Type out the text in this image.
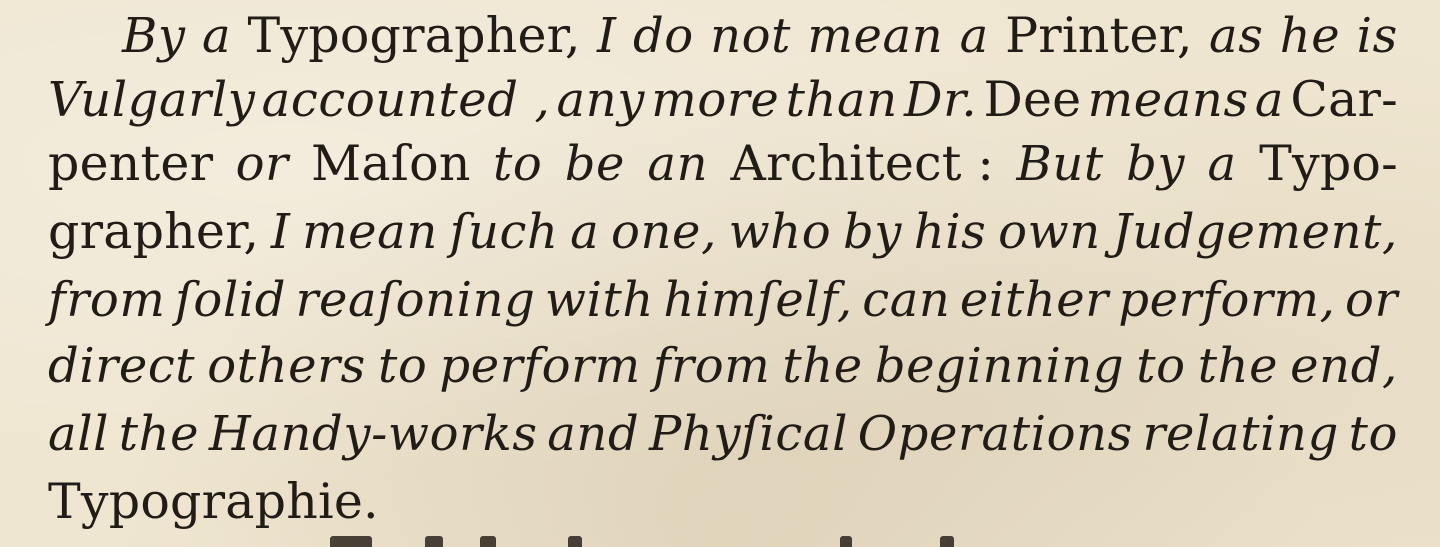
By a Typographer, I do not mean a Printer, as he is
Vulgarly accounted , any more than Dr. Dee means a Car-
penter or Maſon to be an Architect : But by a Typo-
grapher, I mean ſuch a one, who by his own Judgement,
from ſolid reaſoning with himſelf, can either perform, or
direct others to perform from the beginning to the end,
all the Handy-works and Phyſical Operations relating to
Typographie.
